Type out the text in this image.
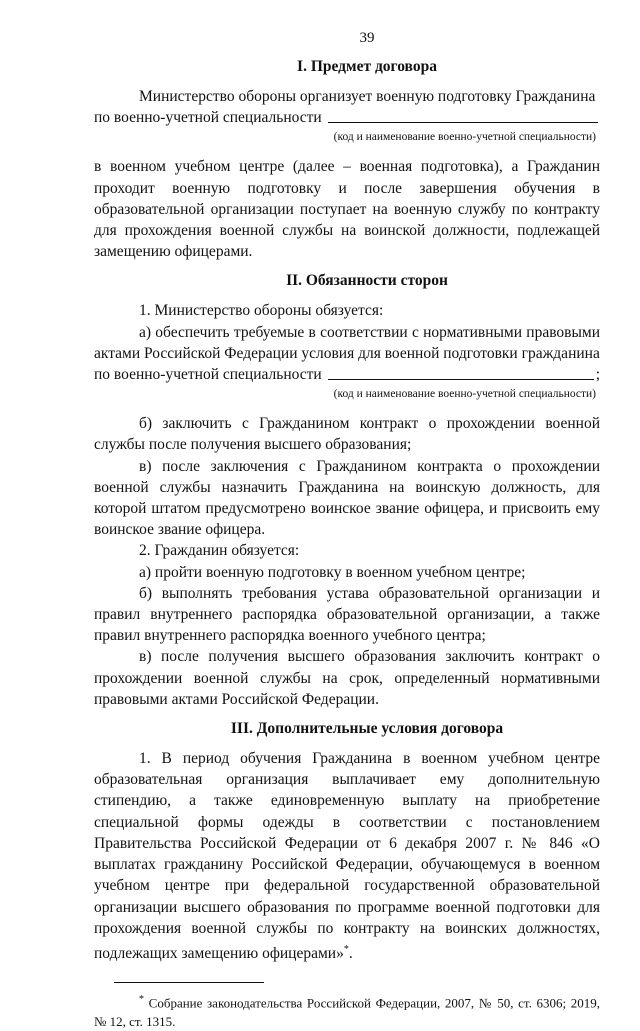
39
I. Предмет договора

Министерство обороны организует военную подготовку Гражданина

по военно-учетной специальности
(код и наименование военно-учетной специальности)

в военном учебном центре (далее – военная подготовка), а Гражданин проходит военную подготовку и после завершения обучения в образовательной организации поступает на военную службу по контракту для прохождения военной службы на воинской должности, подлежащей замещению офицерами.

II. Обязанности сторон

1. Министерство обороны обязуется:

а) обеспечить требуемые в соответствии с нормативными правовыми актами Российской Федерации условия для военной подготовки гражданина

по военно-учетной специальности	;
(код и наименование военно-учетной специальности)

б) заключить с Гражданином контракт о прохождении военной службы после получения высшего образования;

в) после заключения с Гражданином контракта о прохождении военной службы назначить Гражданина на воинскую должность, для которой штатом предусмотрено воинское звание офицера, и присвоить ему воинское звание офицера.

2. Гражданин обязуется:

а) пройти военную подготовку в военном учебном центре;

б) выполнять требования устава образовательной организации и правил внутреннего распорядка образовательной организации, а также правил внутреннего распорядка военного учебного центра;

в) после получения высшего образования заключить контракт о прохождении военной службы на срок, определенный нормативными правовыми актами Российской Федерации.

III. Дополнительные условия договора

1. В период обучения Гражданина в военном учебном центре образовательная организация выплачивает ему дополнительную стипендию, а также единовременную выплату на приобретение специальной формы одежды в соответствии с постановлением Правительства Российской Федерации от 6 декабря 2007 г. № 846 «О выплатах гражданину Российской Федерации, обучающемуся в военном учебном центре при федеральной государственной образовательной организации высшего образования по программе военной подготовки для прохождения военной службы по контракту на воинских должностях, подлежащих замещению офицерами»*.

* Собрание законодательства Российской Федерации, 2007, № 50, ст. 6306; 2019, № 12, ст. 1315.
